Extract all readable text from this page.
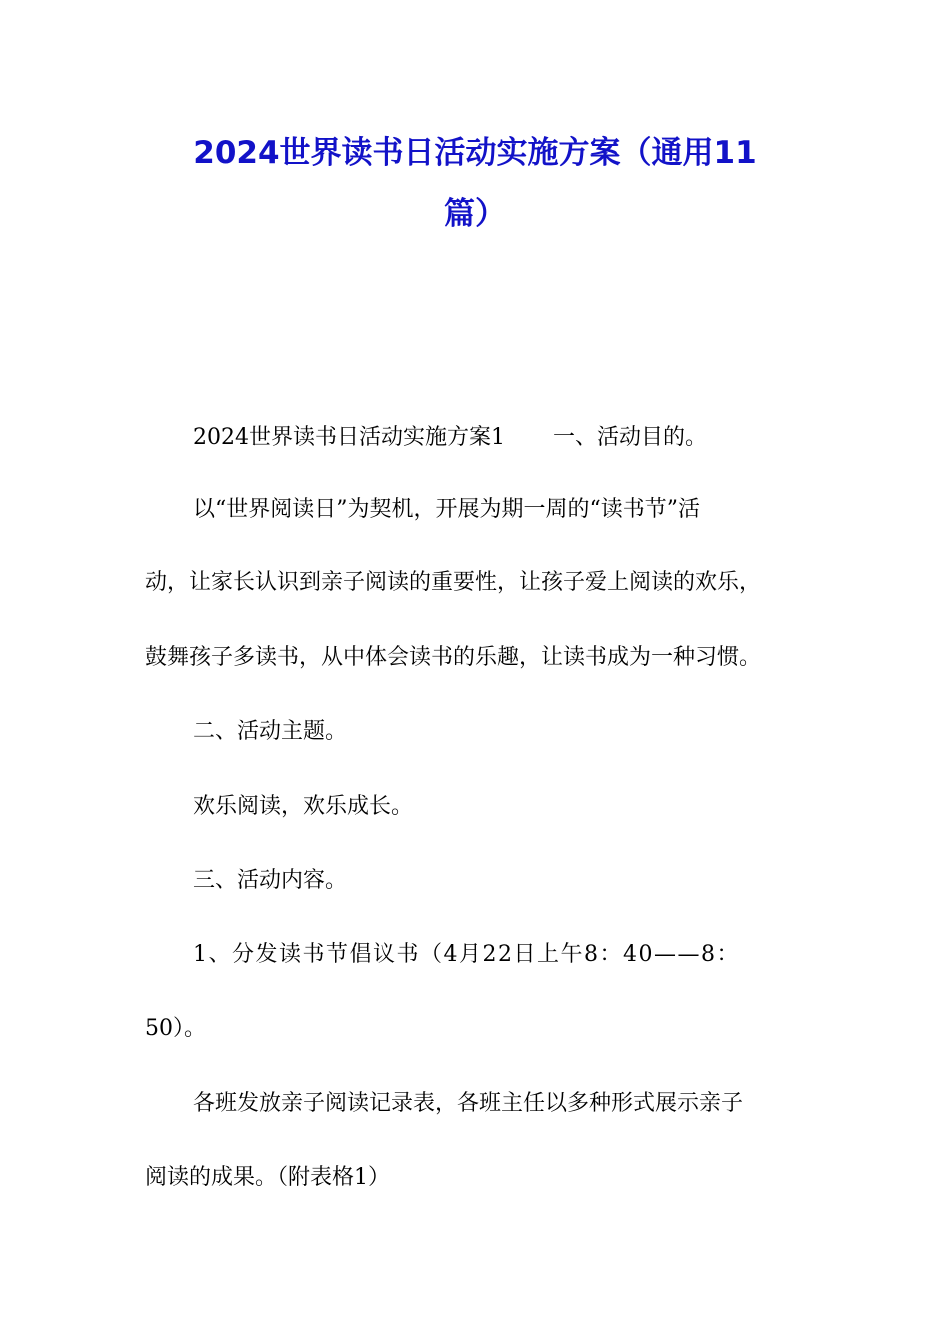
2024世界读书日活动实施方案（通用11
篇）
2024世界读书日活动实施方案1 一、活动目的。
以“世界阅读日”为契机，开展为期一周的“读书节”活
动，让家长认识到亲子阅读的重要性，让孩子爱上阅读的欢乐，
鼓舞孩子多读书，从中体会读书的乐趣，让读书成为一种习惯。
二、活动主题。
欢乐阅读，欢乐成长。
三、活动内容。
1、分发读书节倡议书（4月22日上午8：40——8：
50）。
各班发放亲子阅读记录表，各班主任以多种形式展示亲子
阅读的成果。（附表格1）
